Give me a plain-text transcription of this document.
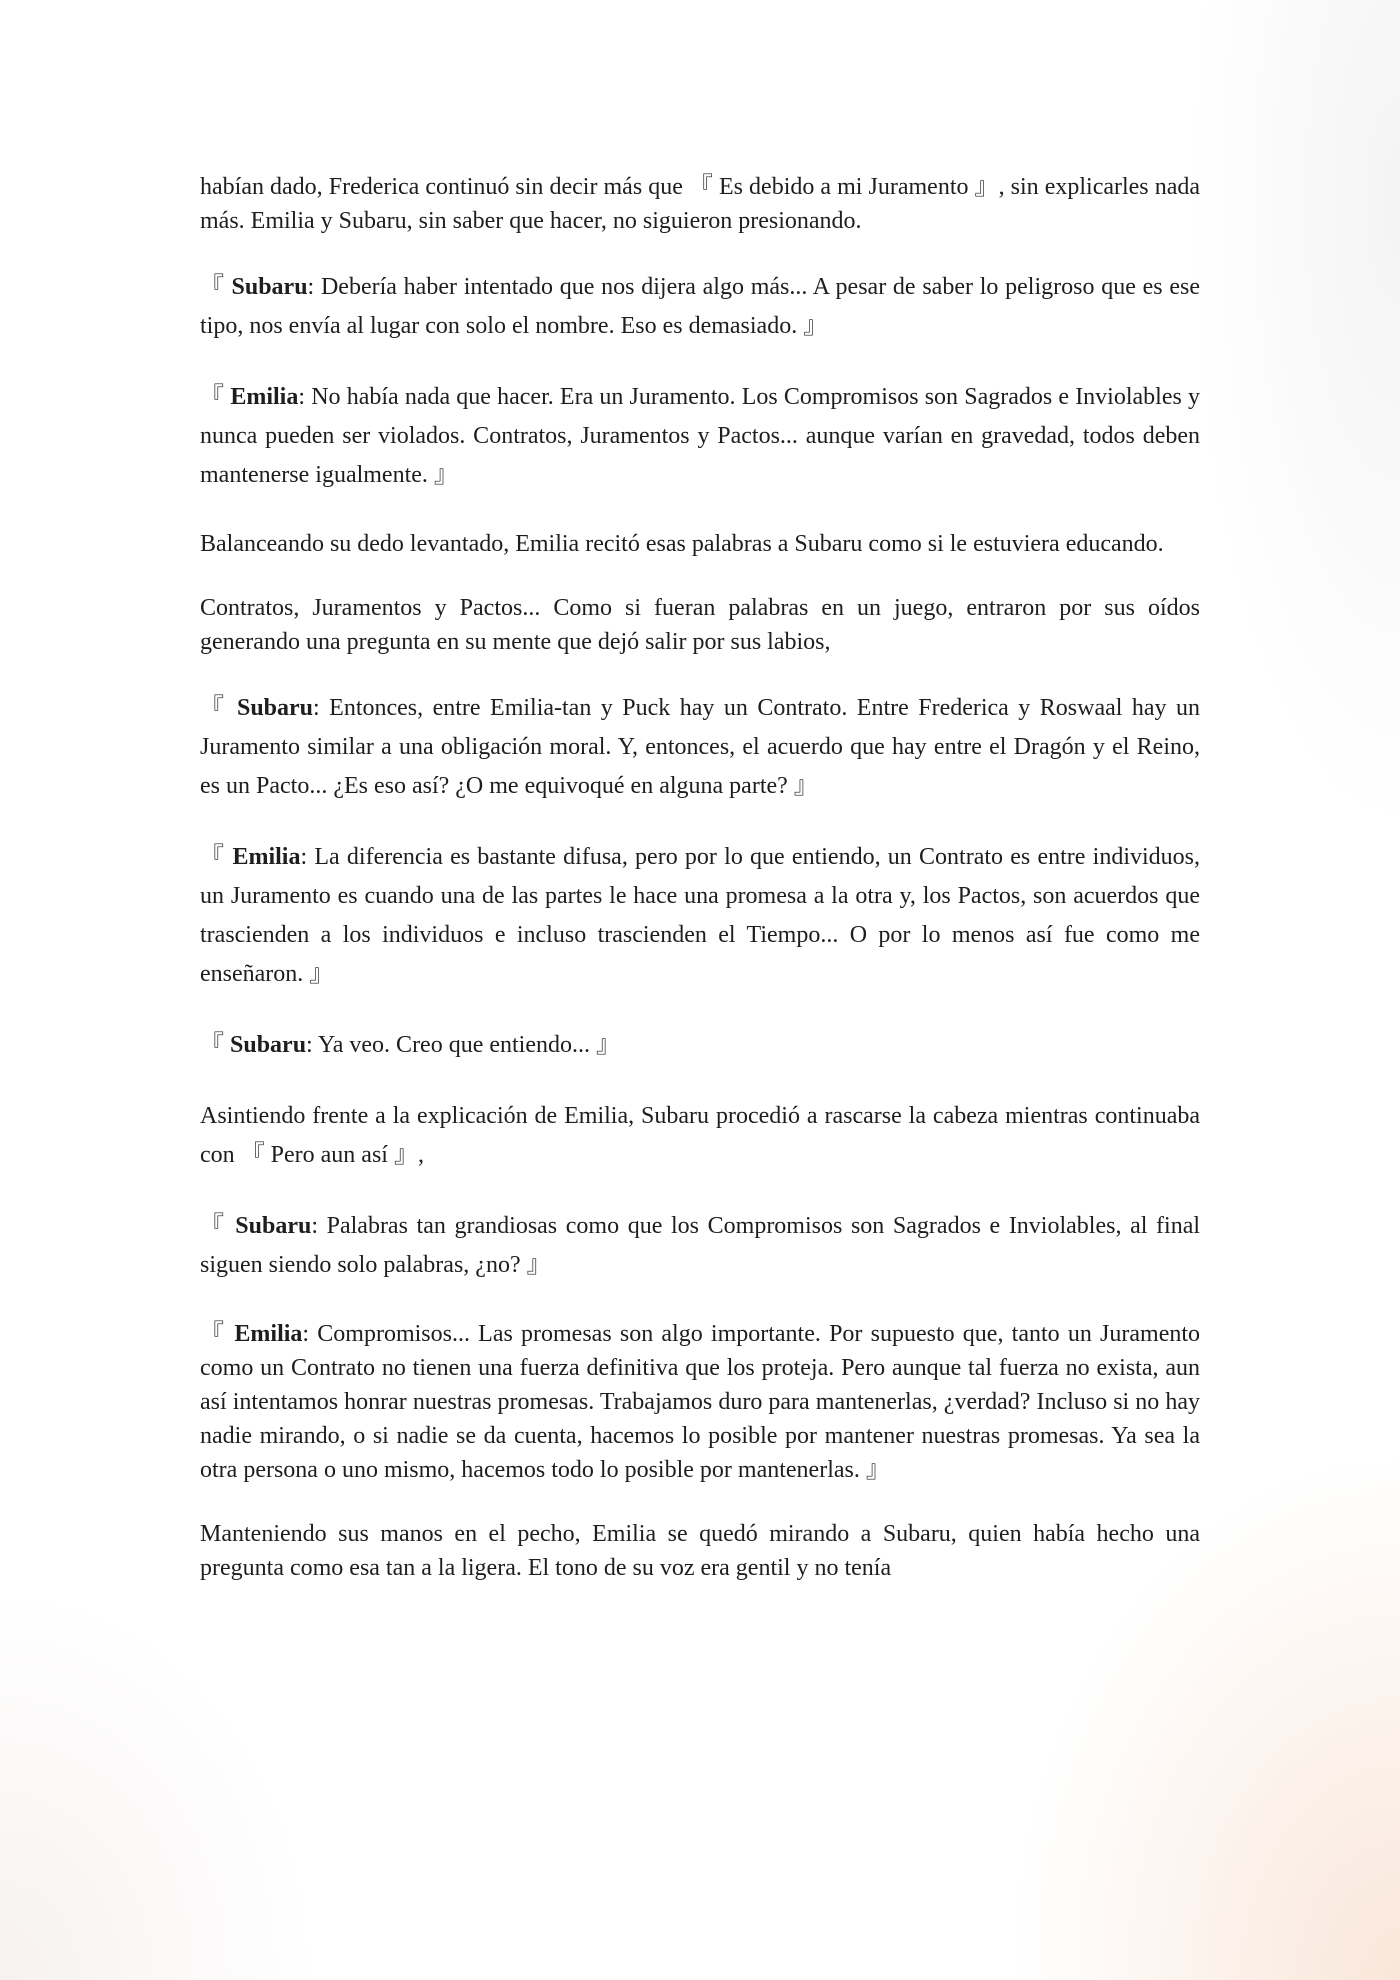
habían dado, Frederica continuó sin decir más que 『 Es debido a mi Juramento 』, sin explicarles nada más. Emilia y Subaru, sin saber que hacer, no siguieron presionando.

『 Subaru: Debería haber intentado que nos dijera algo más... A pesar de saber lo peligroso que es ese tipo, nos envía al lugar con solo el nombre. Eso es demasiado. 』

『 Emilia: No había nada que hacer. Era un Juramento. Los Compromisos son Sagrados e Inviolables y nunca pueden ser violados. Contratos, Juramentos y Pactos... aunque varían en gravedad, todos deben mantenerse igualmente. 』

Balanceando su dedo levantado, Emilia recitó esas palabras a Subaru como si le estuviera educando.

Contratos, Juramentos y Pactos... Como si fueran palabras en un juego, entraron por sus oídos generando una pregunta en su mente que dejó salir por sus labios,

『 Subaru: Entonces, entre Emilia-tan y Puck hay un Contrato. Entre Frederica y Roswaal hay un Juramento similar a una obligación moral. Y, entonces, el acuerdo que hay entre el Dragón y el Reino, es un Pacto... ¿Es eso así? ¿O me equivoqué en alguna parte? 』

『 Emilia: La diferencia es bastante difusa, pero por lo que entiendo, un Contrato es entre individuos, un Juramento es cuando una de las partes le hace una promesa a la otra y, los Pactos, son acuerdos que trascienden a los individuos e incluso trascienden el Tiempo... O por lo menos así fue como me enseñaron. 』

『 Subaru: Ya veo. Creo que entiendo... 』

Asintiendo frente a la explicación de Emilia, Subaru procedió a rascarse la cabeza mientras continuaba con 『 Pero aun así 』,

『 Subaru: Palabras tan grandiosas como que los Compromisos son Sagrados e Inviolables, al final siguen siendo solo palabras, ¿no? 』

『 Emilia: Compromisos... Las promesas son algo importante. Por supuesto que, tanto un Juramento como un Contrato no tienen una fuerza definitiva que los proteja. Pero aunque tal fuerza no exista, aun así intentamos honrar nuestras promesas. Trabajamos duro para mantenerlas, ¿verdad? Incluso si no hay nadie mirando, o si nadie se da cuenta, hacemos lo posible por mantener nuestras promesas. Ya sea la otra persona o uno mismo, hacemos todo lo posible por mantenerlas. 』

Manteniendo sus manos en el pecho, Emilia se quedó mirando a Subaru, quien había hecho una pregunta como esa tan a la ligera. El tono de su voz era gentil y no tenía
